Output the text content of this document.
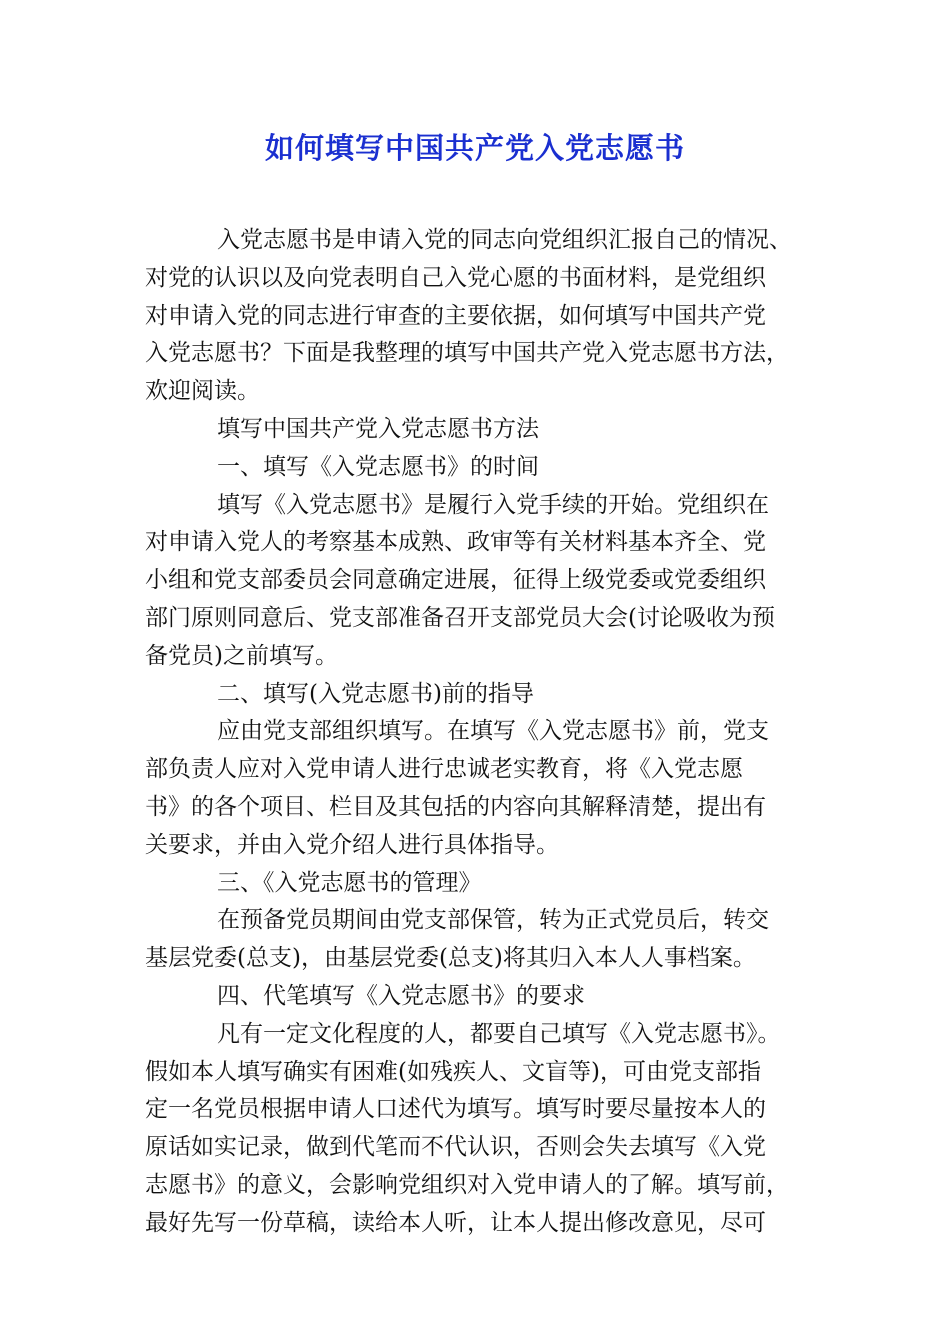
如何填写中国共产党入党志愿书
入党志愿书是申请入党的同志向党组织汇报自己的情况、
对党的认识以及向党表明自己入党心愿的书面材料，是党组织
对申请入党的同志进行审查的主要依据，如何填写中国共产党
入党志愿书？下面是我整理的填写中国共产党入党志愿书方法，
欢迎阅读。
填写中国共产党入党志愿书方法
一、填写《入党志愿书》的时间
填写《入党志愿书》是履行入党手续的开始。党组织在
对申请入党人的考察基本成熟、政审等有关材料基本齐全、党
小组和党支部委员会同意确定进展，征得上级党委或党委组织
部门原则同意后、党支部准备召开支部党员大会(讨论吸收为预
备党员)之前填写。
二、填写(入党志愿书)前的指导
应由党支部组织填写。在填写《入党志愿书》前，党支
部负责人应对入党申请人进行忠诚老实教育，将《入党志愿
书》的各个项目、栏目及其包括的内容向其解释清楚，提出有
关要求，并由入党介绍人进行具体指导。
三、《入党志愿书的管理》
在预备党员期间由党支部保管，转为正式党员后，转交
基层党委(总支)，由基层党委(总支)将其归入本人人事档案。
四、代笔填写《入党志愿书》的要求
凡有一定文化程度的人，都要自己填写《入党志愿书》。
假如本人填写确实有困难(如残疾人、文盲等)，可由党支部指
定一名党员根据申请人口述代为填写。填写时要尽量按本人的
原话如实记录，做到代笔而不代认识，否则会失去填写《入党
志愿书》的意义，会影响党组织对入党申请人的了解。填写前，
最好先写一份草稿，读给本人听，让本人提出修改意见，尽可
